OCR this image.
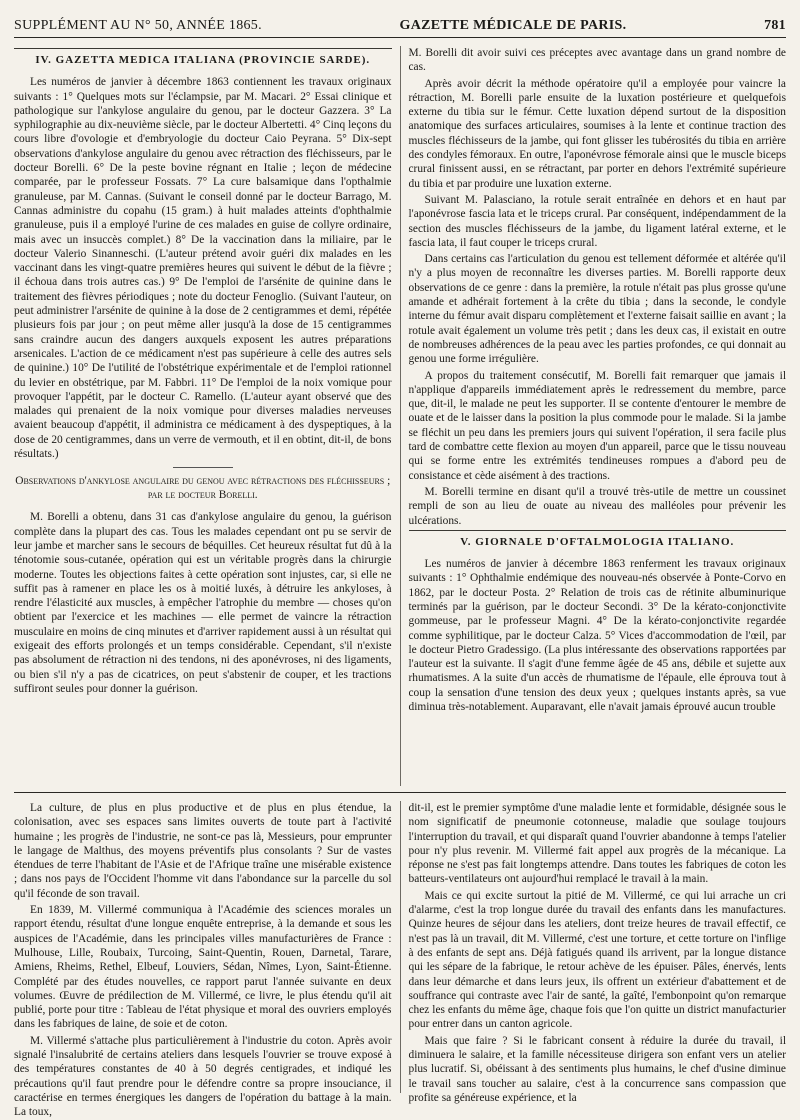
SUPPLÉMENT AU N° 50, ANNÉE 1865.	GAZETTE MÉDICALE DE PARIS.	781
IV. GAZETTA MEDICA ITALIANA (PROVINCIE SARDE).

Les numéros de janvier à décembre 1863 contiennent les travaux originaux suivants : 1° Quelques mots sur l'éclampsie, par M. Macari. 2° Essai clinique et pathologique sur l'ankylose angulaire du genou, par le docteur Gazzera. 3° La syphilographie au dix-neuvième siècle, par le docteur Albertetti. 4° Cinq leçons du cours libre d'ovologie et d'embryologie du docteur Caio Peyrana. 5° Dix-sept observations d'ankylose angulaire du genou avec rétraction des fléchisseurs, par le docteur Borelli. 6° De la peste bovine régnant en Italie ; leçon de médecine comparée, par le professeur Fossats. 7° La cure balsamique dans l'opthalmie granuleuse, par M. Cannas. (Suivant le conseil donné par le docteur Barrago, M. Cannas administre du copahu (15 gram.) à huit malades atteints d'ophthalmie granuleuse, puis il a employé l'urine de ces malades en guise de collyre ordinaire, mais avec un insuccès complet.) 8° De la vaccination dans la miliaire, par le docteur Valerio Sinanneschi. (L'auteur prétend avoir guéri dix malades en les vaccinant dans les vingt-quatre premières heures qui suivent le début de la fièvre ; il échoua dans trois autres cas.) 9° De l'emploi de l'arsénite de quinine dans le traitement des fièvres périodiques ; note du docteur Fenoglio. (Suivant l'auteur, on peut administrer l'arsénite de quinine à la dose de 2 centigrammes et demi, répétée plusieurs fois par jour ; on peut même aller jusqu'à la dose de 15 centigrammes sans craindre aucun des dangers auxquels exposent les autres préparations arsenicales. L'action de ce médicament n'est pas supérieure à celle des autres sels de quinine.) 10° De l'utilité de l'obstétrique expérimentale et de l'emploi rationnel du levier en obstétrique, par M. Fabbri. 11° De l'emploi de la noix vomique pour provoquer l'appétit, par le docteur C. Ramello. (L'auteur ayant observé que des malades qui prenaient de la noix vomique pour diverses maladies nerveuses avaient beaucoup d'appétit, il administra ce médicament à des dyspeptiques, à la dose de 20 centigrammes, dans un verre de vermouth, et il en obtint, dit-il, de bons résultats.)

Observations d'ankylose angulaire du genou avec rétractions des fléchisseurs ; par le docteur Borelli.

M. Borelli a obtenu, dans 31 cas d'ankylose angulaire du genou, la guérison complète dans la plupart des cas. Tous les malades cependant ont pu se servir de leur jambe et marcher sans le secours de béquilles. Cet heureux résultat fut dû à la ténotomie sous-cutanée, opération qui est un véritable progrès dans la chirurgie moderne. Toutes les objections faites à cette opération sont injustes, car, si elle ne suffit pas à ramener en place les os à moitié luxés, à détruire les ankyloses, à rendre l'élasticité aux muscles, à empêcher l'atrophie du membre — choses qu'on obtient par l'exercice et les machines — elle permet de vaincre la rétraction musculaire en moins de cinq minutes et d'arriver rapidement aussi à un résultat qui exigeait des efforts prolongés et un temps considérable. Cependant, s'il n'existe pas absolument de rétraction ni des tendons, ni des aponévroses, ni des ligaments, ou bien s'il n'y a pas de cicatrices, on peut s'abstenir de couper, et les tractions suffiront seules pour donner la guérison.

M. Borelli dit avoir suivi ces préceptes avec avantage dans un grand nombre de cas.

Après avoir décrit la méthode opératoire qu'il a employée pour vaincre la rétraction, M. Borelli parle ensuite de la luxation postérieure et quelquefois externe du tibia sur le fémur. Cette luxation dépend surtout de la disposition anatomique des surfaces articulaires, soumises à la lente et continue traction des muscles fléchisseurs de la jambe, qui font glisser les tubérosités du tibia en arrière des condyles fémoraux. En outre, l'aponévrose fémorale ainsi que le muscle biceps crural finissent aussi, en se rétractant, par porter en dehors l'extrémité supérieure du tibia et par produire une luxation externe.

Suivant M. Palasciano, la rotule serait entraînée en dehors et en haut par l'aponévrose fascia lata et le triceps crural. Par conséquent, indépendamment de la section des muscles fléchisseurs de la jambe, du ligament latéral externe, et le fascia lata, il faut couper le triceps crural.

Dans certains cas l'articulation du genou est tellement déformée et altérée qu'il n'y a plus moyen de reconnaître les diverses parties. M. Borelli rapporte deux observations de ce genre : dans la première, la rotule n'était pas plus grosse qu'une amande et adhérait fortement à la crête du tibia ; dans la seconde, le condyle interne du fémur avait disparu complètement et l'externe faisait saillie en avant ; la rotule avait également un volume très petit ; dans les deux cas, il existait en outre de nombreuses adhérences de la peau avec les parties profondes, ce qui donnait au genou une forme irrégulière.

A propos du traitement consécutif, M. Borelli fait remarquer que jamais il n'applique d'appareils immédiatement après le redressement du membre, parce que, dit-il, le malade ne peut les supporter. Il se contente d'entourer le membre de ouate et de le laisser dans la position la plus commode pour le malade. Si la jambe se fléchit un peu dans les premiers jours qui suivent l'opération, il sera facile plus tard de combattre cette flexion au moyen d'un appareil, parce que le tissu nouveau qui se forme entre les extrémités tendineuses rompues a d'abord peu de consistance et cède aisément à des tractions.

M. Borelli termine en disant qu'il a trouvé très-utile de mettre un coussinet rempli de son au lieu de ouate au niveau des malléoles pour prévenir les ulcérations.

V. GIORNALE D'OFTALMOLOGIA ITALIANO.

Les numéros de janvier à décembre 1863 renferment les travaux originaux suivants : 1° Ophthalmie endémique des nouveau-nés observée à Ponte-Corvo en 1862, par le docteur Posta. 2° Relation de trois cas de rétinite albuminurique terminés par la guérison, par le docteur Secondi. 3° De la kérato-conjonctivite gommeuse, par le professeur Magni. 4° De la kérato-conjonctivite regardée comme syphilitique, par le docteur Calza. 5° Vices d'accommodation de l'œil, par le docteur Pietro Gradessigo. (La plus intéressante des observations rapportées par l'auteur est la suivante. Il s'agit d'une femme âgée de 45 ans, débile et sujette aux rhumatismes. A la suite d'un accès de rhumatisme de l'épaule, elle éprouva tout à coup la sensation d'une tension des deux yeux ; quelques instants après, sa vue diminua très-notablement. Auparavant, elle n'avait jamais éprouvé aucun trouble

La culture, de plus en plus productive et de plus en plus étendue, la colonisation, avec ses espaces sans limites ouverts de toute part à l'activité humaine ; les progrès de l'industrie, ne sont-ce pas là, Messieurs, pour emprunter le langage de Malthus, des moyens préventifs plus consolants ? Sur de vastes étendues de terre l'habitant de l'Asie et de l'Afrique traîne une misérable existence ; dans nos pays de l'Occident l'homme vit dans l'abondance sur la parcelle du sol qu'il féconde de son travail.

En 1839, M. Villermé communiqua à l'Académie des sciences morales un rapport étendu, résultat d'une longue enquête entreprise, à la demande et sous les auspices de l'Académie, dans les principales villes manufacturières de France : Mulhouse, Lille, Roubaix, Turcoing, Saint-Quentin, Rouen, Darnetal, Tarare, Amiens, Rheims, Rethel, Elbeuf, Louviers, Sédan, Nîmes, Lyon, Saint-Étienne. Complété par des études nouvelles, ce rapport parut l'année suivante en deux volumes. Œuvre de prédilection de M. Villermé, ce livre, le plus étendu qu'il ait publié, porte pour titre : Tableau de l'état physique et moral des ouvriers employés dans les fabriques de laine, de soie et de coton.

M. Villermé s'attache plus particulièrement à l'industrie du coton. Après avoir signalé l'insalubrité de certains ateliers dans lesquels l'ouvrier se trouve exposé à des températures constantes de 40 à 50 degrés centigrades, et indiqué les précautions qu'il faut prendre pour le défendre contre sa propre insouciance, il caractérise en termes énergiques les dangers de l'opération du battage à la main. La toux,

dit-il, est le premier symptôme d'une maladie lente et formidable, désignée sous le nom significatif de pneumonie cotonneuse, maladie que soulage toujours l'interruption du travail, et qui disparaît quand l'ouvrier abandonne à temps l'atelier pour n'y plus revenir. M. Villermé fait appel aux progrès de la mécanique. La réponse ne s'est pas fait longtemps attendre. Dans toutes les fabriques de coton les batteurs-ventilateurs ont aujourd'hui remplacé le travail à la main.

Mais ce qui excite surtout la pitié de M. Villermé, ce qui lui arrache un cri d'alarme, c'est la trop longue durée du travail des enfants dans les manufactures. Quinze heures de séjour dans les ateliers, dont treize heures de travail effectif, ce n'est pas là un travail, dit M. Villermé, c'est une torture, et cette torture on l'inflige à des enfants de sept ans. Déjà fatigués quand ils arrivent, par la longue distance qui les sépare de la fabrique, le retour achève de les épuiser. Pâles, énervés, lents dans leur démarche et dans leurs jeux, ils offrent un extérieur d'abattement et de souffrance qui contraste avec l'air de santé, la gaîté, l'embonpoint qu'on remarque chez les enfants du même âge, chaque fois que l'on quitte un district manufacturier pour entrer dans un canton agricole.

Mais que faire ? Si le fabricant consent à réduire la durée du travail, il diminuera le salaire, et la famille nécessiteuse dirigera son enfant vers un atelier plus lucratif. Si, obéissant à des sentiments plus humains, le chef d'usine diminue le travail sans toucher au salaire, c'est à la concurrence sans compassion que profite sa généreuse expérience, et la
